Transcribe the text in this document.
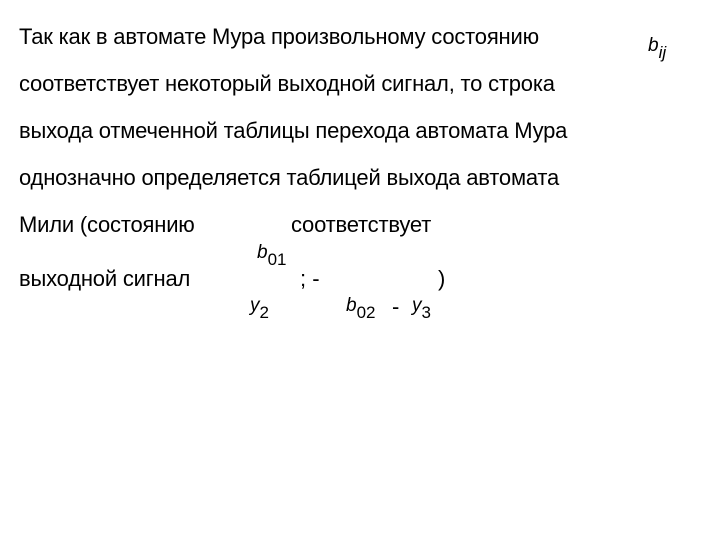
Так как в автомате Мура произвольному состоянию
соответствует некоторый выходной сигнал, то строка
выхода отмеченной таблицы перехода автомата Мура
однозначно определяется таблицей выхода автомата
Мили (состоянию	соответствует
выходной сигнал
bij
b01
; -	)
y2	b02 - y3
